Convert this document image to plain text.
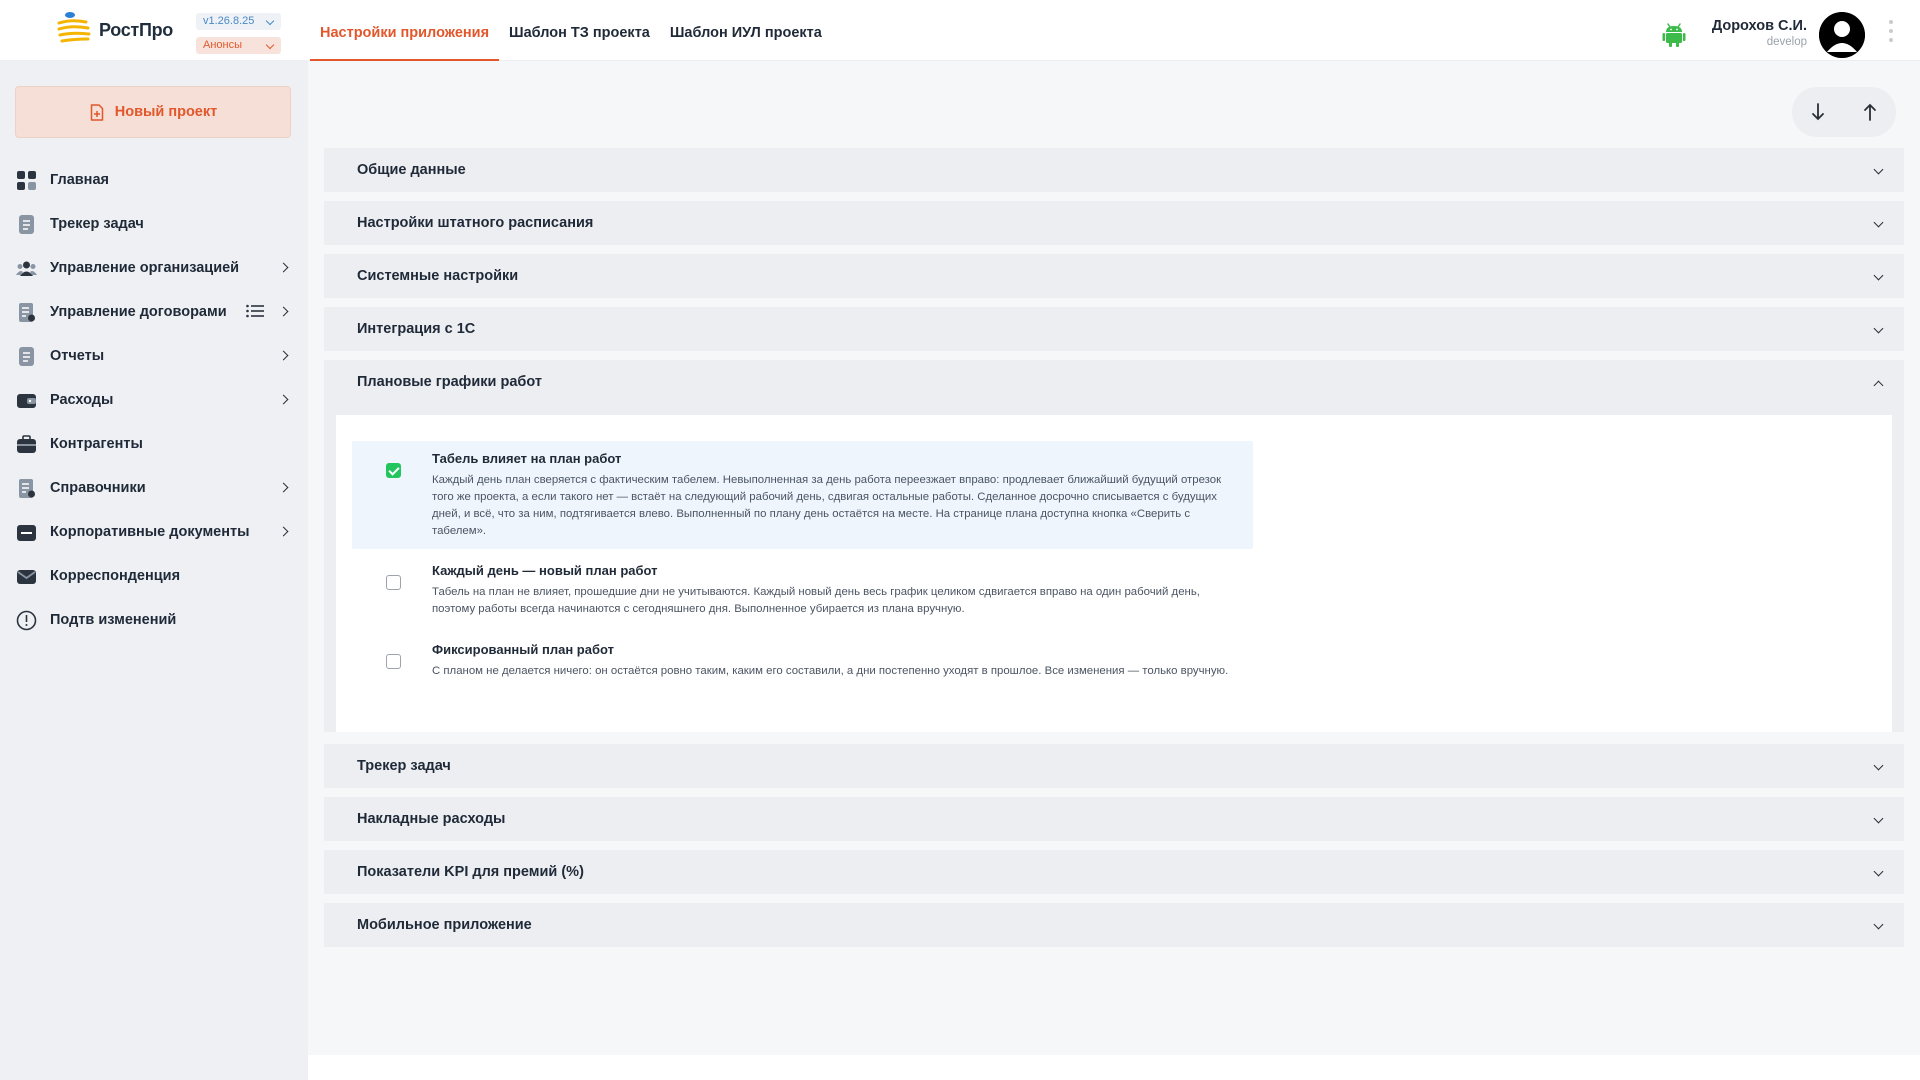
РостПро	v1.26.8.25
Анонсы
Настройки приложения	Шаблон ТЗ проекта	Шаблон ИУЛ проекта	Дорохов С.И.
develop
Новый проект
Главная
Трекер задач
Управление организацией
Управление договорами
Отчеты
Расходы
Контрагенты
Справочники
Корпоративные документы
Корреспонденция
Подтв изменений
Общие данные
Настройки штатного расписания
Системные настройки
Интеграция с 1С
Плановые графики работ
Табель влияет на план работ
Каждый день план сверяется с фактическим табелем. Невыполненная за день работа переезжает вправо: продлевает ближайший будущий отрезок того же проекта, а если такого нет — встаёт на следующий рабочий день, сдвигая остальные работы. Сделанное досрочно списывается с будущих дней, и всё, что за ним, подтягивается влево. Выполненный по плану день остаётся на месте. На странице плана доступна кнопка «Сверить с табелем».
Каждый день — новый план работ
Табель на план не влияет, прошедшие дни не учитываются. Каждый новый день весь график целиком сдвигается вправо на один рабочий день, поэтому работы всегда начинаются с сегодняшнего дня. Выполненное убирается из плана вручную.
Фиксированный план работ
С планом не делается ничего: он остаётся ровно таким, каким его составили, а дни постепенно уходят в прошлое. Все изменения — только вручную.
Трекер задач
Накладные расходы
Показатели KPI для премий (%)
Мобильное приложение
